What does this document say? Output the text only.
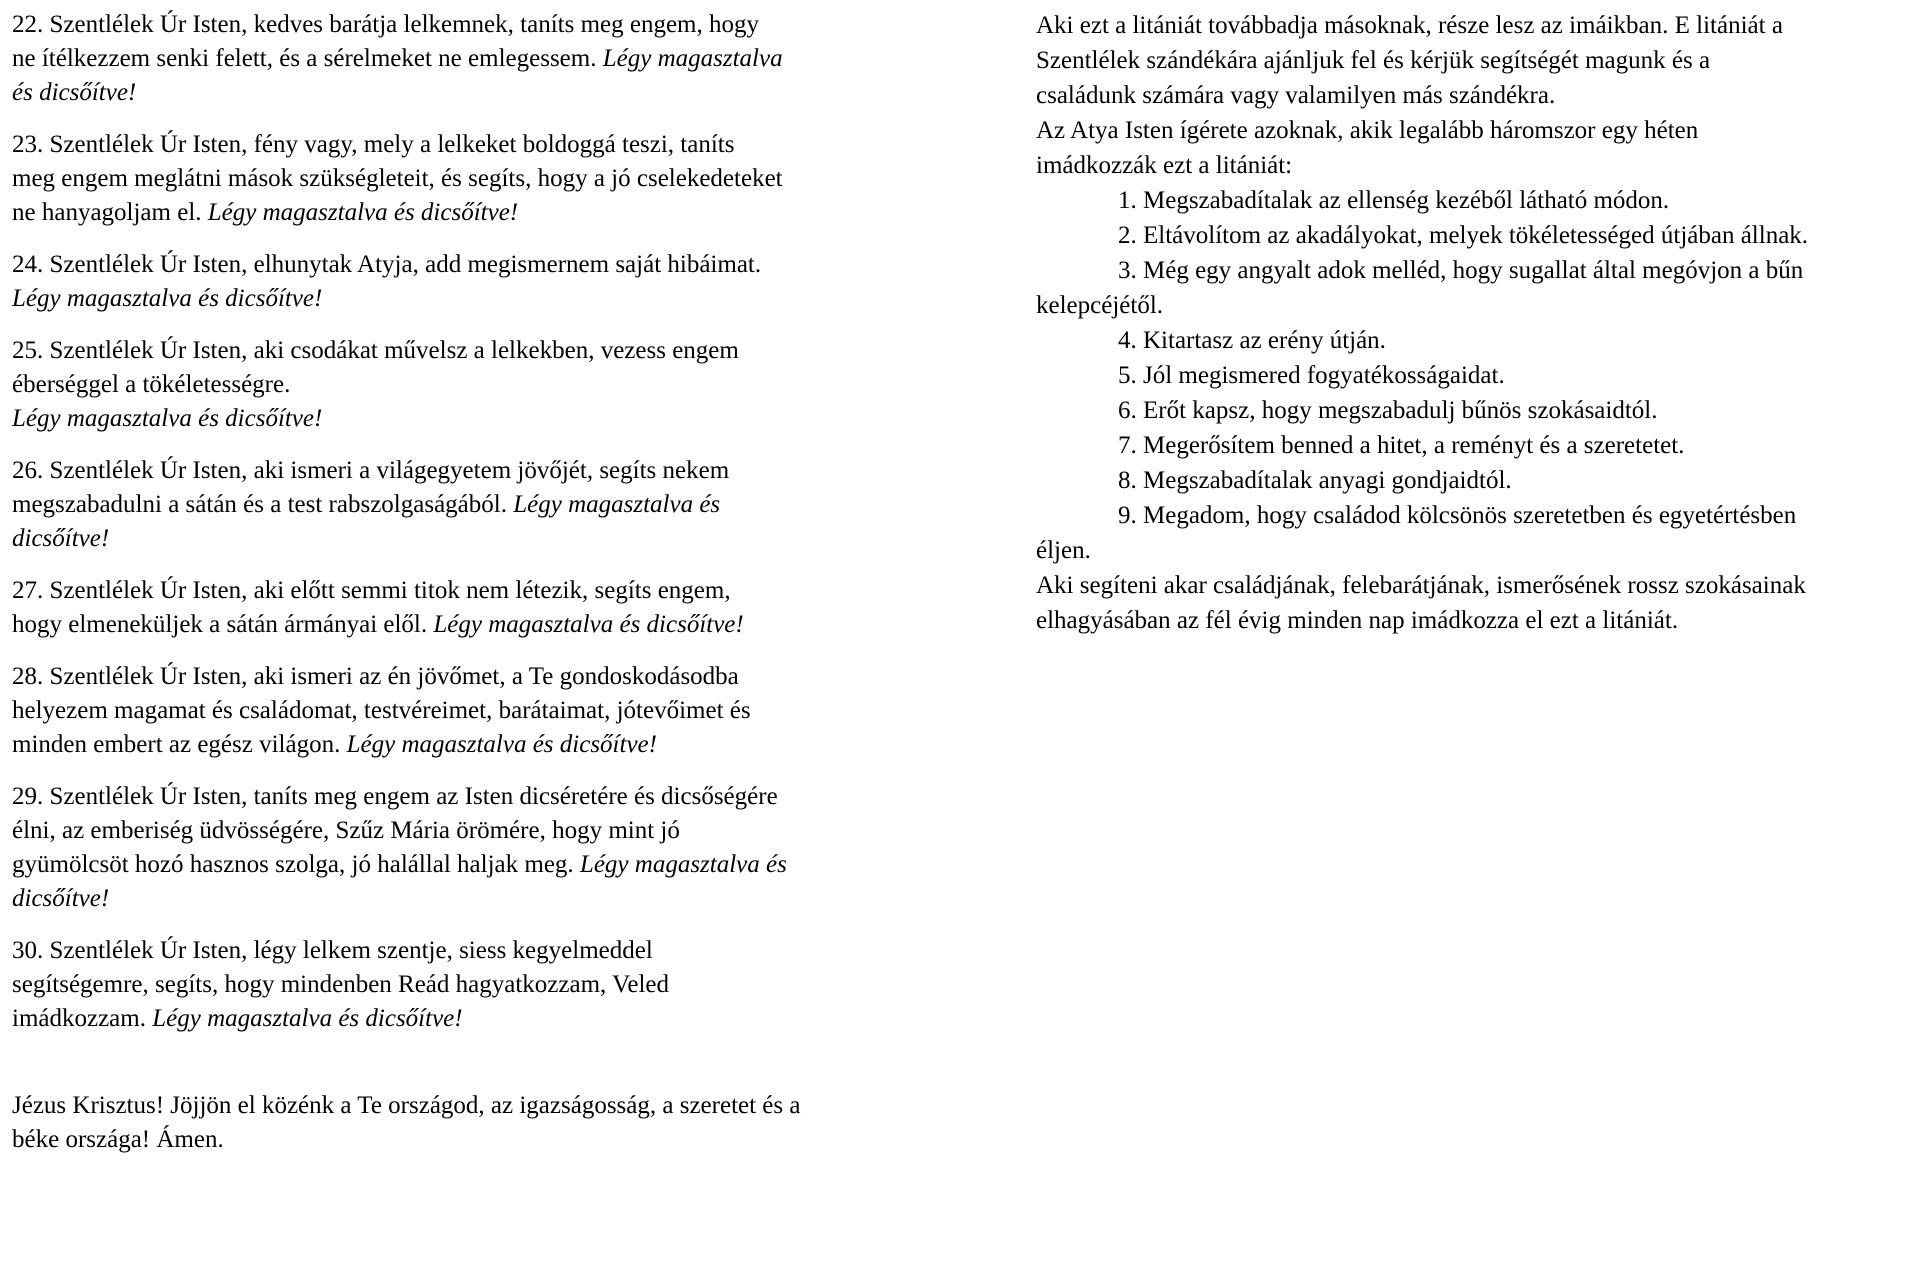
22. Szentlélek Úr Isten, kedves barátja lelkemnek, taníts meg engem, hogy
ne ítélkezzem senki felett, és a sérelmeket ne emlegessem. Légy magasztalva
és dicsőítve!
23. Szentlélek Úr Isten, fény vagy, mely a lelkeket boldoggá teszi, taníts
meg engem meglátni mások szükségleteit, és segíts, hogy a jó cselekedeteket
ne hanyagoljam el. Légy magasztalva és dicsőítve!
24. Szentlélek Úr Isten, elhunytak Atyja, add megismernem saját hibáimat.
Légy magasztalva és dicsőítve!
25. Szentlélek Úr Isten, aki csodákat művelsz a lelkekben, vezess engem
éberséggel a tökéletességre.
Légy magasztalva és dicsőítve!
26. Szentlélek Úr Isten, aki ismeri a világegyetem jövőjét, segíts nekem
megszabadulni a sátán és a test rabszolgaságából. Légy magasztalva és
dicsőítve!
27. Szentlélek Úr Isten, aki előtt semmi titok nem létezik, segíts engem,
hogy elmeneküljek a sátán ármányai elől. Légy magasztalva és dicsőítve!
28. Szentlélek Úr Isten, aki ismeri az én jövőmet, a Te gondoskodásodba
helyezem magamat és családomat, testvéreimet, barátaimat, jótevőimet és
minden embert az egész világon. Légy magasztalva és dicsőítve!
29. Szentlélek Úr Isten, taníts meg engem az Isten dicséretére és dicsőségére
élni, az emberiség üdvösségére, Szűz Mária örömére, hogy mint jó
gyümölcsöt hozó hasznos szolga, jó halállal haljak meg. Légy magasztalva és
dicsőítve!
30. Szentlélek Úr Isten, légy lelkem szentje, siess kegyelmeddel
segítségemre, segíts, hogy mindenben Reád hagyatkozzam, Veled
imádkozzam. Légy magasztalva és dicsőítve!
Jézus Krisztus! Jöjjön el közénk a Te országod, az igazságosság, a szeretet és a
béke országa! Ámen.
Aki ezt a litániát továbbadja másoknak, része lesz az imáikban. E litániát a
Szentlélek szándékára ajánljuk fel és kérjük segítségét magunk és a
családunk számára vagy valamilyen más szándékra.
Az Atya Isten ígérete azoknak, akik legalább háromszor egy héten
imádkozzák ezt a litániát:
1. Megszabadítalak az ellenség kezéből látható módon.
2. Eltávolítom az akadályokat, melyek tökéletességed útjában állnak.
3. Még egy angyalt adok melléd, hogy sugallat által megóvjon a bűn
kelepcéjétől.
4. Kitartasz az erény útján.
5. Jól megismered fogyatékosságaidat.
6. Erőt kapsz, hogy megszabadulj bűnös szokásaidtól.
7. Megerősítem benned a hitet, a reményt és a szeretetet.
8. Megszabadítalak anyagi gondjaidtól.
9. Megadom, hogy családod kölcsönös szeretetben és egyetértésben
éljen.
Aki segíteni akar családjának, felebarátjának, ismerősének rossz szokásainak
elhagyásában az fél évig minden nap imádkozza el ezt a litániát.
